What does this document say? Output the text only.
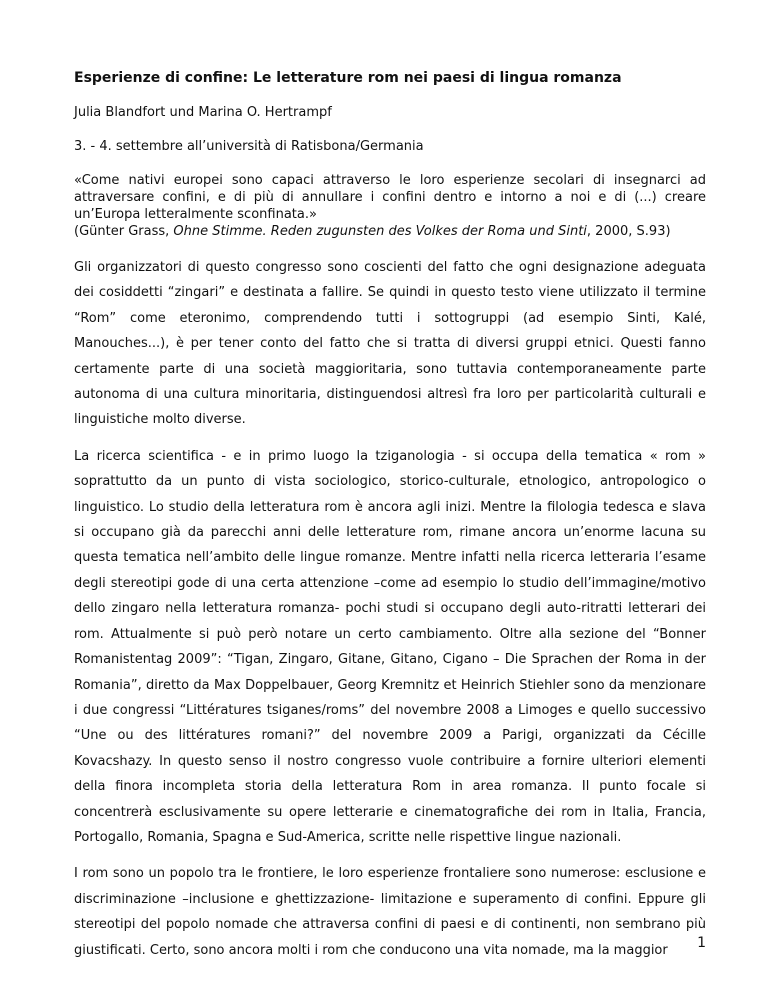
Esperienze di confine: Le letterature rom nei paesi di lingua romanza

Julia Blandfort und Marina O. Hertrampf

3. - 4. settembre all’università di Ratisbona/Germania

«Come nativi europei sono capaci attraverso le loro esperienze secolari di insegnarci ad attraversare confini, e di più di annullare i confini dentro e intorno a noi e di (...) creare un’Europa letteralmente sconfinata.»
(Günter Grass, Ohne Stimme. Reden zugunsten des Volkes der Roma und Sinti, 2000, S.93)

Gli organizzatori di questo congresso sono coscienti del fatto che ogni designazione adeguata dei cosiddetti “zingari” e destinata a fallire. Se quindi in questo testo viene utilizzato il termine “Rom” come eteronimo, comprendendo tutti i sottogruppi (ad esempio Sinti, Kalé, Manouches...), è per tener conto del fatto che si tratta di diversi gruppi etnici. Questi fanno certamente parte di una società maggioritaria, sono tuttavia contemporaneamente parte autonoma di una cultura minoritaria, distinguendosi altresì fra loro per particolarità culturali e linguistiche molto diverse.

La ricerca scientifica - e in primo luogo la tziganologia - si occupa della tematica « rom » soprattutto da un punto di vista sociologico, storico-culturale, etnologico, antropologico o linguistico. Lo studio della letteratura rom è ancora agli inizi. Mentre la filologia tedesca e slava si occupano già da parecchi anni delle letterature rom, rimane ancora un’enorme lacuna su questa tematica nell’ambito delle lingue romanze. Mentre infatti nella ricerca letteraria l’esame degli stereotipi gode di una certa attenzione –come ad esempio lo studio dell’immagine/motivo dello zingaro nella letteratura romanza- pochi studi si occupano degli auto-ritratti letterari dei rom. Attualmente si può però notare un certo cambiamento. Oltre alla sezione del “Bonner Romanistentag 2009”: “Tigan, Zingaro, Gitane, Gitano, Cigano – Die Sprachen der Roma in der Romania”, diretto da Max Doppelbauer, Georg Kremnitz et Heinrich Stiehler sono da menzionare i due congressi “Littératures tsiganes/roms” del novembre 2008 a Limoges e quello successivo “Une ou des littératures romani?” del novembre 2009 a Parigi, organizzati da Cécille Kovacshazy. In questo senso il nostro congresso vuole contribuire a fornire ulteriori elementi della finora incompleta storia della letteratura Rom in area romanza. Il punto focale si concentrerà esclusivamente su opere letterarie e cinematografiche dei rom in Italia, Francia, Portogallo, Romania, Spagna e Sud-America, scritte nelle rispettive lingue nazionali.

I rom sono un popolo tra le frontiere, le loro esperienze frontaliere sono numerose: esclusione e discriminazione –inclusione e ghettizzazione- limitazione e superamento di confini. Eppure gli stereotipi del popolo nomade che attraversa confini di paesi e di continenti, non sembrano più giustificati. Certo, sono ancora molti i rom che conducono una vita nomade, ma la maggior	1
